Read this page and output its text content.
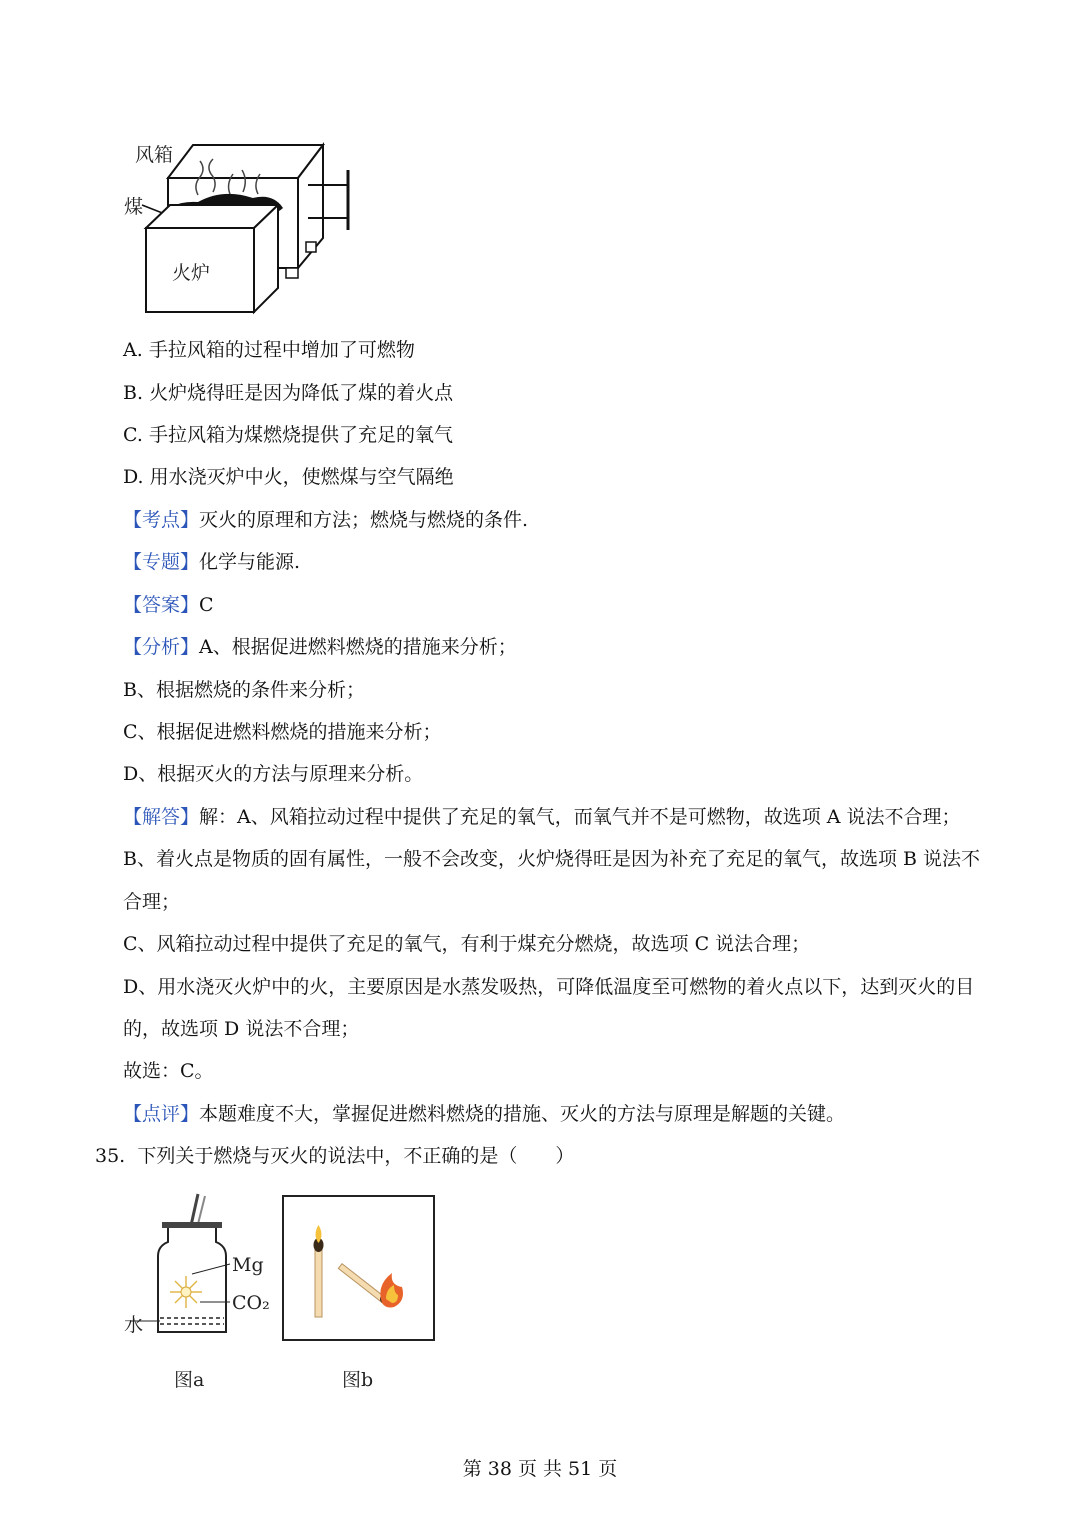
风箱
煤
火炉
A. 手拉风箱的过程中增加了可燃物
B. 火炉烧得旺是因为降低了煤的着火点
C. 手拉风箱为煤燃烧提供了充足的氧气
D. 用水浇灭炉中火，使燃煤与空气隔绝
【考点】灭火的原理和方法；燃烧与燃烧的条件.
【专题】化学与能源.
【答案】C
【分析】A、根据促进燃料燃烧的措施来分析；
B、根据燃烧的条件来分析；
C、根据促进燃料燃烧的措施来分析；
D、根据灭火的方法与原理来分析。
【解答】解：A、风箱拉动过程中提供了充足的氧气，而氧气并不是可燃物，故选项 A 说法不合理；
B、着火点是物质的固有属性，一般不会改变，火炉烧得旺是因为补充了充足的氧气，故选项 B 说法不
合理；
C、风箱拉动过程中提供了充足的氧气，有利于煤充分燃烧，故选项 C 说法合理；
D、用水浇灭火炉中的火，主要原因是水蒸发吸热，可降低温度至可燃物的着火点以下，达到灭火的目
的，故选项 D 说法不合理；
故选：C。
【点评】本题难度不大，掌握促进燃料燃烧的措施、灭火的方法与原理是解题的关键。
35. 下列关于燃烧与灭火的说法中，不正确的是（　　）
Mg
CO₂
水
图a	图b
第 38 页 共 51 页
